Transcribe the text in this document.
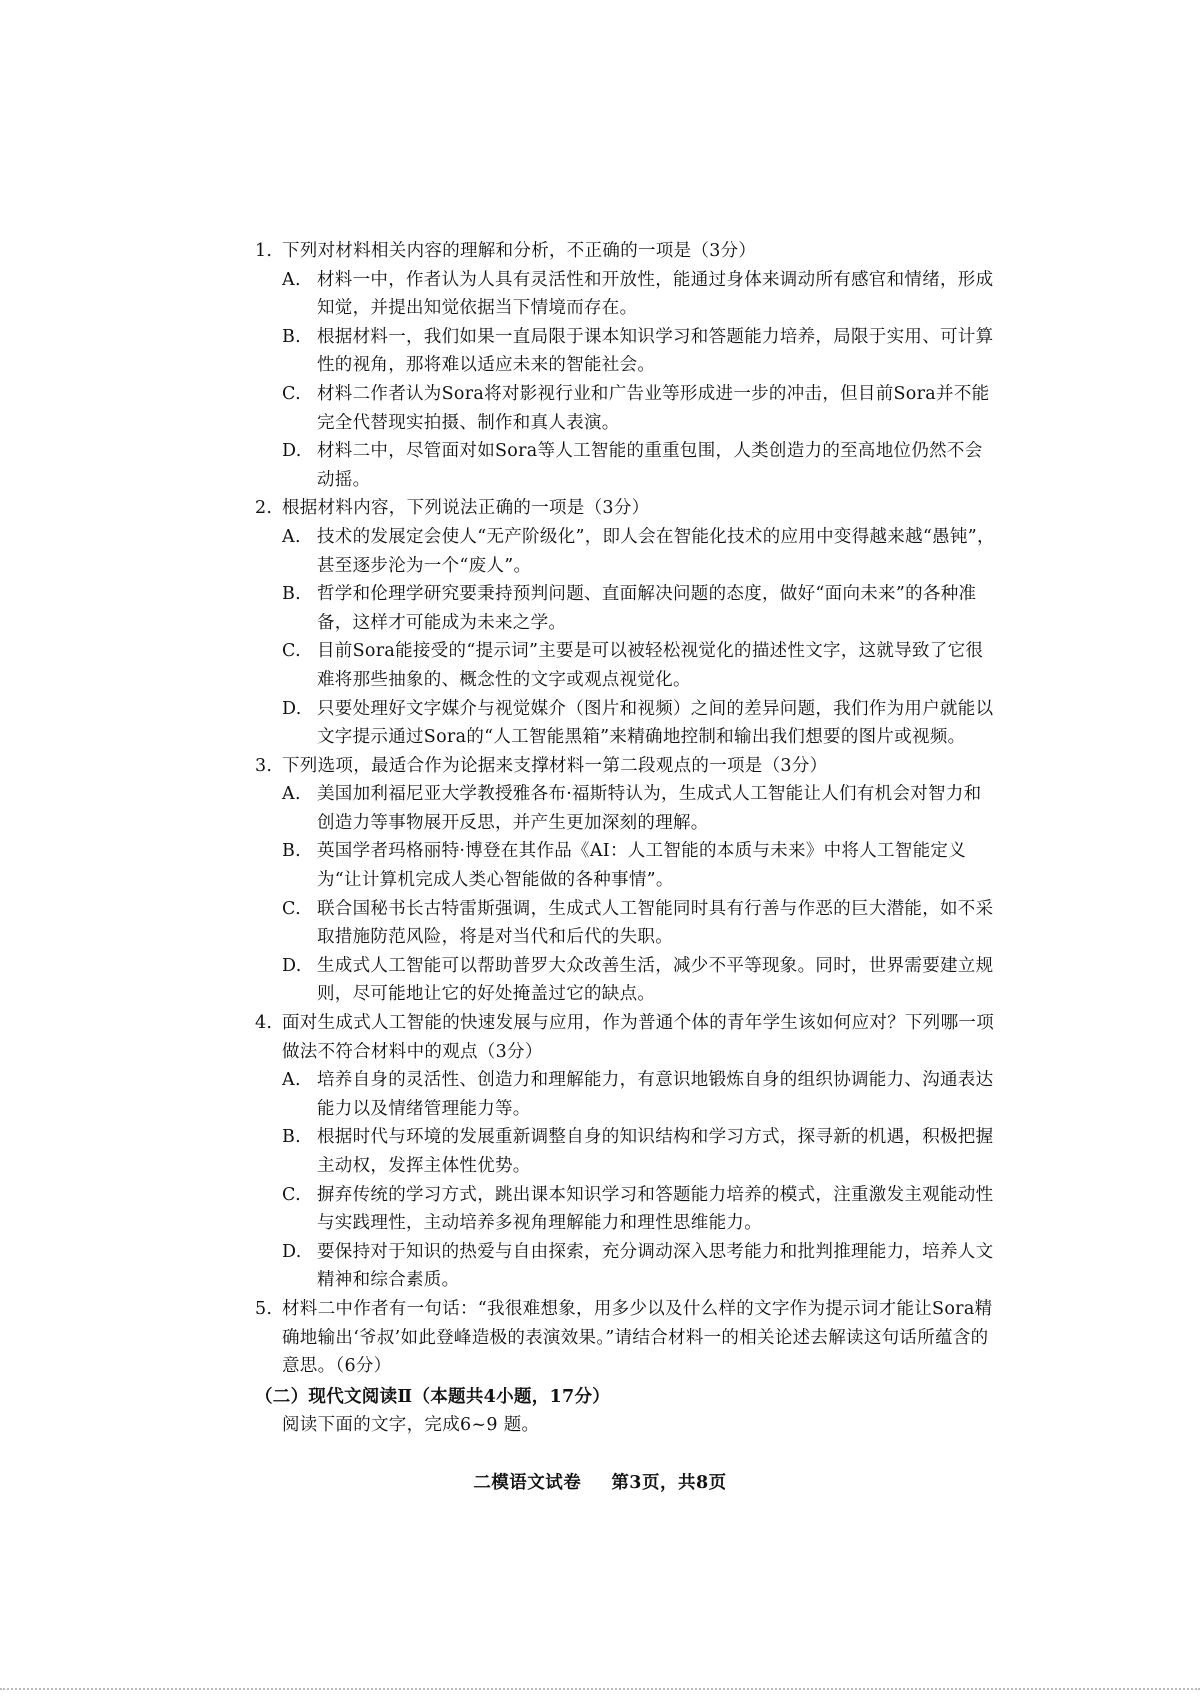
1. 下列对材料相关内容的理解和分析，不正确的一项是（3分）
A. 材料一中，作者认为人具有灵活性和开放性，能通过身体来调动所有感官和情绪，形成知觉，并提出知觉依据当下情境而存在。
B. 根据材料一，我们如果一直局限于课本知识学习和答题能力培养，局限于实用、可计算性的视角，那将难以适应未来的智能社会。
C. 材料二作者认为Sora将对影视行业和广告业等形成进一步的冲击，但目前Sora并不能完全代替现实拍摄、制作和真人表演。
D. 材料二中，尽管面对如Sora等人工智能的重重包围，人类创造力的至高地位仍然不会动摇。
2. 根据材料内容，下列说法正确的一项是（3分）
A. 技术的发展定会使人“无产阶级化”，即人会在智能化技术的应用中变得越来越“愚钝”，甚至逐步沦为一个“废人”。
B. 哲学和伦理学研究要秉持预判问题、直面解决问题的态度，做好“面向未来”的各种准备，这样才可能成为未来之学。
C. 目前Sora能接受的“提示词”主要是可以被轻松视觉化的描述性文字，这就导致了它很难将那些抽象的、概念性的文字或观点视觉化。
D. 只要处理好文字媒介与视觉媒介（图片和视频）之间的差异问题，我们作为用户就能以文字提示通过Sora的“人工智能黑箱”来精确地控制和输出我们想要的图片或视频。
3. 下列选项，最适合作为论据来支撑材料一第二段观点的一项是（3分）
A. 美国加利福尼亚大学教授雅各布·福斯特认为，生成式人工智能让人们有机会对智力和创造力等事物展开反思，并产生更加深刻的理解。
B. 英国学者玛格丽特·博登在其作品《AI：人工智能的本质与未来》中将人工智能定义为“让计算机完成人类心智能做的各种事情”。
C. 联合国秘书长古特雷斯强调，生成式人工智能同时具有行善与作恶的巨大潜能，如不采取措施防范风险，将是对当代和后代的失职。
D. 生成式人工智能可以帮助普罗大众改善生活，减少不平等现象。同时，世界需要建立规则，尽可能地让它的好处掩盖过它的缺点。
4. 面对生成式人工智能的快速发展与应用，作为普通个体的青年学生该如何应对？下列哪一项做法不符合材料中的观点（3分）
A. 培养自身的灵活性、创造力和理解能力，有意识地锻炼自身的组织协调能力、沟通表达能力以及情绪管理能力等。
B. 根据时代与环境的发展重新调整自身的知识结构和学习方式，探寻新的机遇，积极把握主动权，发挥主体性优势。
C. 摒弃传统的学习方式，跳出课本知识学习和答题能力培养的模式，注重激发主观能动性与实践理性，主动培养多视角理解能力和理性思维能力。
D. 要保持对于知识的热爱与自由探索，充分调动深入思考能力和批判推理能力，培养人文精神和综合素质。
5. 材料二中作者有一句话：“我很难想象，用多少以及什么样的文字作为提示词才能让Sora精确地输出‘爷叔’如此登峰造极的表演效果。”请结合材料一的相关论述去解读这句话所蕴含的意思。（6分）
（二）现代文阅读Ⅱ（本题共4小题，17分）
阅读下面的文字，完成6~9 题。
二模语文试卷 第3页，共8页
